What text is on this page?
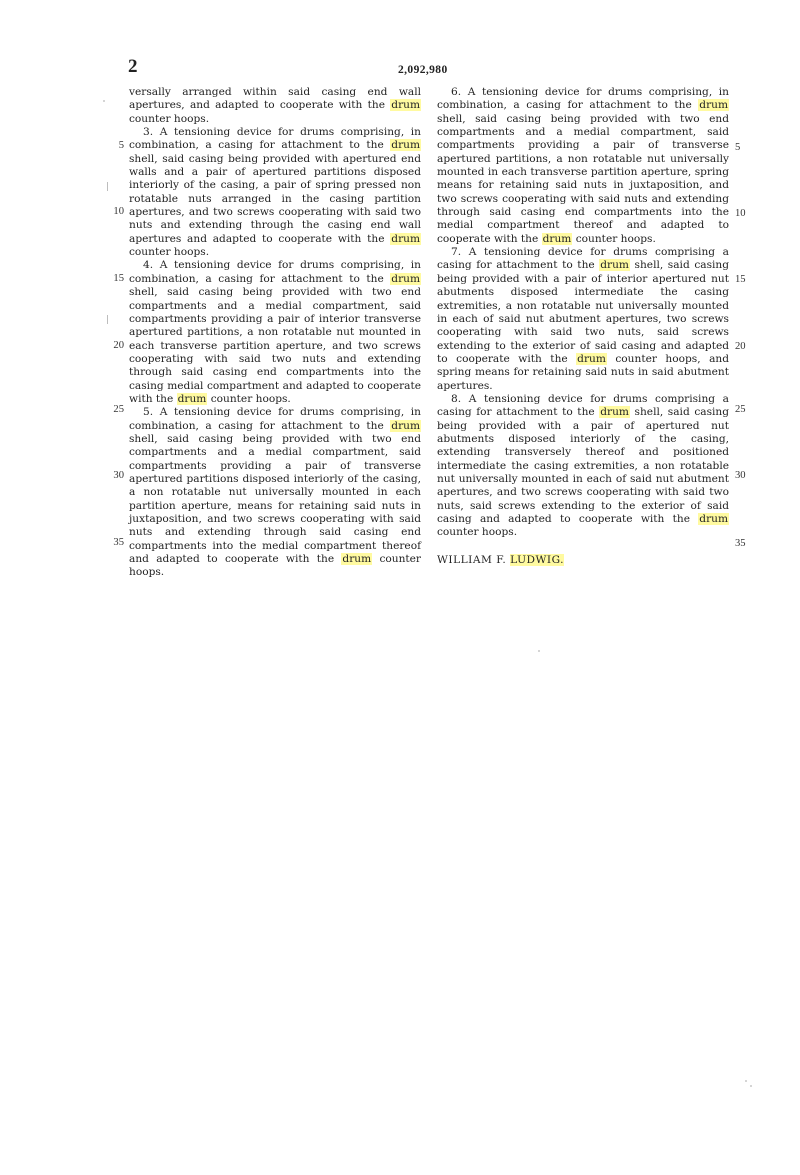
2	2,092,980
5
10
15
20
25
30
35
5
10
15
20
25
30
35

versally arranged within said casing end wall apertures, and adapted to cooperate with the drum counter hoops.

3. A tensioning device for drums comprising, in combination, a casing for attachment to the drum shell, said casing being provided with apertured end walls and a pair of apertured partitions disposed interiorly of the casing, a pair of spring pressed non rotatable nuts arranged in the casing partition apertures, and two screws cooperating with said two nuts and extending through the casing end wall apertures and adapted to cooperate with the drum counter hoops.

4. A tensioning device for drums comprising, in combination, a casing for attachment to the drum shell, said casing being provided with two end compartments and a medial compartment, said compartments providing a pair of interior transverse apertured partitions, a non rotatable nut mounted in each transverse partition aperture, and two screws cooperating with said two nuts and extending through said casing end compartments into the casing medial compartment and adapted to cooperate with the drum counter hoops.

5. A tensioning device for drums comprising, in combination, a casing for attachment to the drum shell, said casing being provided with two end compartments and a medial compartment, said compartments providing a pair of transverse apertured partitions disposed interiorly of the casing, a non rotatable nut universally mounted in each partition aperture, means for retaining said nuts in juxtaposition, and two screws cooperating with said nuts and extending through said casing end compartments into the medial compartment thereof and adapted to cooperate with the drum counter hoops.

6. A tensioning device for drums comprising, in combination, a casing for attachment to the drum shell, said casing being provided with two end compartments and a medial compartment, said compartments providing a pair of transverse apertured partitions, a non rotatable nut universally mounted in each transverse partition aperture, spring means for retaining said nuts in juxtaposition, and two screws cooperating with said nuts and extending through said casing end compartments into the medial compartment thereof and adapted to cooperate with the drum counter hoops.

7. A tensioning device for drums comprising a casing for attachment to the drum shell, said casing being provided with a pair of interior apertured nut abutments disposed intermediate the casing extremities, a non rotatable nut universally mounted in each of said nut abutment apertures, two screws cooperating with said two nuts, said screws extending to the exterior of said casing and adapted to cooperate with the drum counter hoops, and spring means for retaining said nuts in said abutment apertures.

8. A tensioning device for drums comprising a casing for attachment to the drum shell, said casing being provided with a pair of apertured nut abutments disposed interiorly of the casing, extending transversely thereof and positioned intermediate the casing extremities, a non rotatable nut universally mounted in each of said nut abutment apertures, and two screws cooperating with said two nuts, said screws extending to the exterior of said casing and adapted to cooperate with the drum counter hoops.

WILLIAM F. LUDWIG.
